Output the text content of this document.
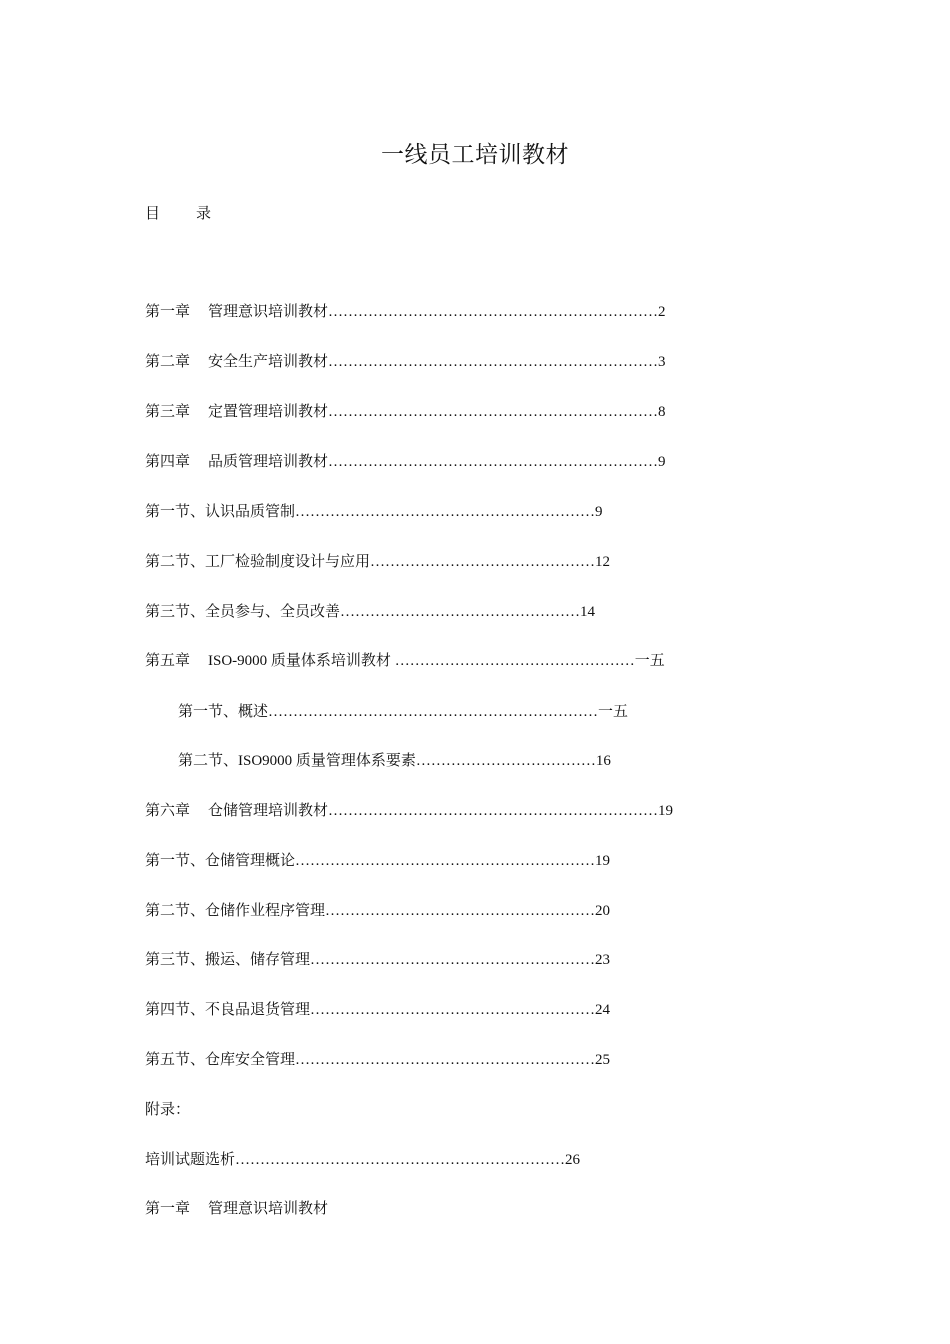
一线员工培训教材
目 录
第一章 管理意识培训教材…………………………………………………………2
第二章 安全生产培训教材…………………………………………………………3
第三章 定置管理培训教材…………………………………………………………8
第四章 品质管理培训教材…………………………………………………………9
第一节、认识品质管制……………………………………………………9
第二节、工厂检验制度设计与应用………………………………………12
第三节、全员参与、全员改善…………………………………………14
第五章 ISO-9000 质量体系培训教材 …………………………………………一五
第一节、概述…………………………………………………………一五
第二节、ISO9000 质量管理体系要素………………………………16
第六章 仓储管理培训教材…………………………………………………………19
第一节、仓储管理概论……………………………………………………19
第二节、仓储作业程序管理………………………………………………20
第三节、搬运、储存管理…………………………………………………23
第四节、不良品退货管理…………………………………………………24
第五节、仓库安全管理……………………………………………………25
附录：
培训试题选析…………………………………………………………26
第一章 管理意识培训教材
